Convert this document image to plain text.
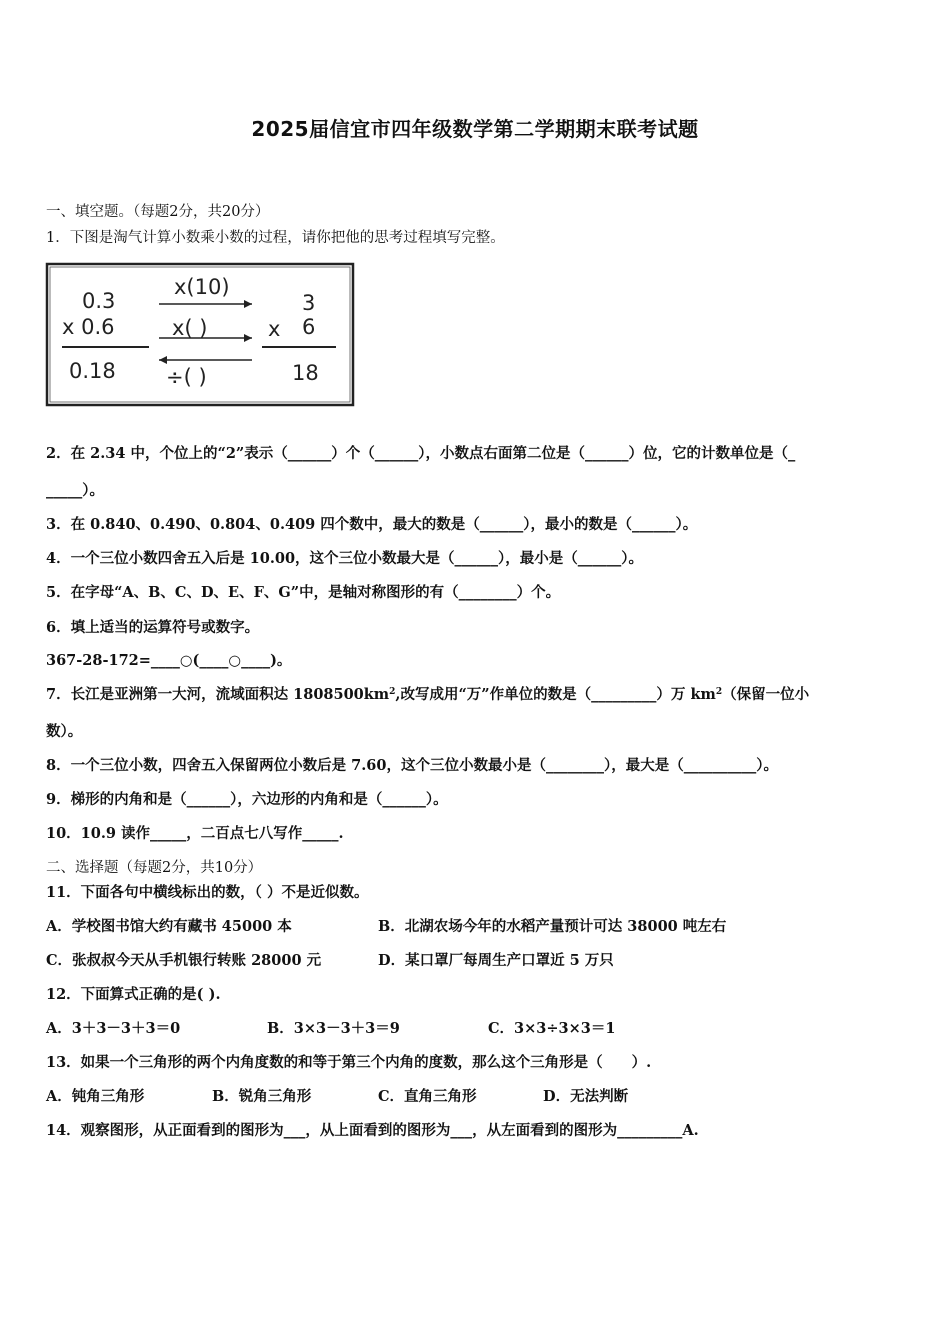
2025届信宜市四年级数学第二学期期末联考试题
一、填空题。（每题2分，共20分）
1．下图是淘气计算小数乘小数的过程，请你把他的思考过程填写完整。
0.3
x 0.6
0.18
x(10)
x( )
÷( )
3
x 6
18
2．在 2.34 中，个位上的“2”表示（______）个（______），小数点右面第二位是（______）位，它的计数单位是（_
_____）。
3．在 0.840、0.490、0.804、0.409 四个数中，最大的数是（______），最小的数是（______）。
4．一个三位小数四舍五入后是 10.00，这个三位小数最大是（______），最小是（______）。
5．在字母“A、B、C、D、E、F、G”中，是轴对称图形的有（________）个。
6．填上适当的运算符号或数字。
367-28-172=____○(____○____)。
7．长江是亚洲第一大河，流域面积达 $1808500km^2$,改写成用“万”作单位的数是（_________）万 $km^2$（保留一位小
数）。
8．一个三位小数，四舍五入保留两位小数后是 7.60，这个三位小数最小是（________），最大是（__________）。
9．梯形的内角和是（______），六边形的内角和是（______）。
10．10.9 读作_____，二百点七八写作_____.
二、选择题（每题2分，共10分）
11．下面各句中横线标出的数，（ ）不是近似数。
A．学校图书馆大约有藏书 45000 本	B．北湖农场今年的水稻产量预计可达 38000 吨左右
C．张叔叔今天从手机银行转账 28000 元	D．某口罩厂每周生产口罩近 5 万只
12．下面算式正确的是( ).
A．3＋3－3＋3＝0	B．3×3－3＋3＝9	C．3×3÷3×3＝1
13．如果一个三角形的两个内角度数的和等于第三个内角的度数，那么这个三角形是（　　）.
A．钝角三角形	B．锐角三角形	C．直角三角形	D．无法判断
14．观察图形，从正面看到的图形为___，从上面看到的图形为___，从左面看到的图形为_________A.
